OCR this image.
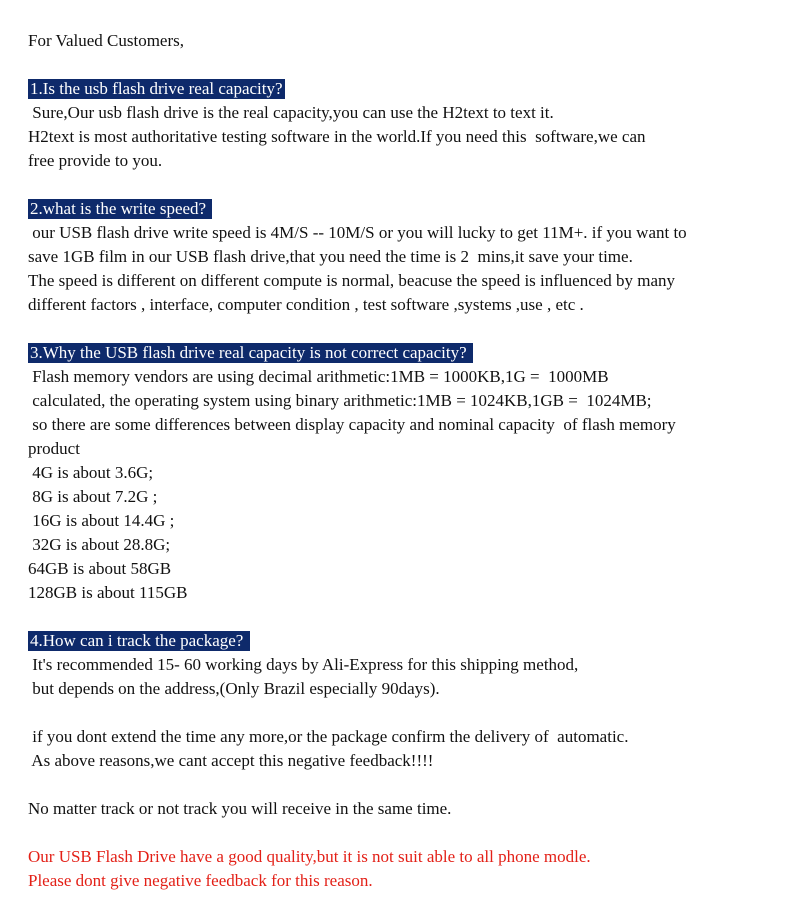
For Valued Customers,
1.Is the usb flash drive real capacity?
Sure,Our usb flash drive is the real capacity,you can use the H2text to text it.
H2text is most authoritative testing software in the world.If you need this  software,we can
free provide to you.
2.what is the write speed?
our USB flash drive write speed is 4M/S -- 10M/S or you will lucky to get 11M+. if you want to
save 1GB film in our USB flash drive,that you need the time is 2  mins,it save your time.
The speed is different on different compute is normal, beacuse the speed is influenced by many
different factors , interface, computer condition , test software ,systems ,use , etc .
3.Why the USB flash drive real capacity is not correct capacity?
Flash memory vendors are using decimal arithmetic:1MB = 1000KB,1G =  1000MB
calculated, the operating system using binary arithmetic:1MB = 1024KB,1GB =  1024MB;
so there are some differences between display capacity and nominal capacity  of flash memory
product
4G is about 3.6G;
8G is about 7.2G ;
16G is about 14.4G ;
32G is about 28.8G;
64GB is about 58GB
128GB is about 115GB
4.How can i track the package?
It's recommended 15- 60 working days by Ali-Express for this shipping method,
but depends on the address,(Only Brazil especially 90days).
if you dont extend the time any more,or the package confirm the delivery of  automatic.
As above reasons,we cant accept this negative feedback!!!!
No matter track or not track you will receive in the same time.
Our USB Flash Drive have a good quality,but it is not suit able to all phone modle.
Please dont give negative feedback for this reason.
